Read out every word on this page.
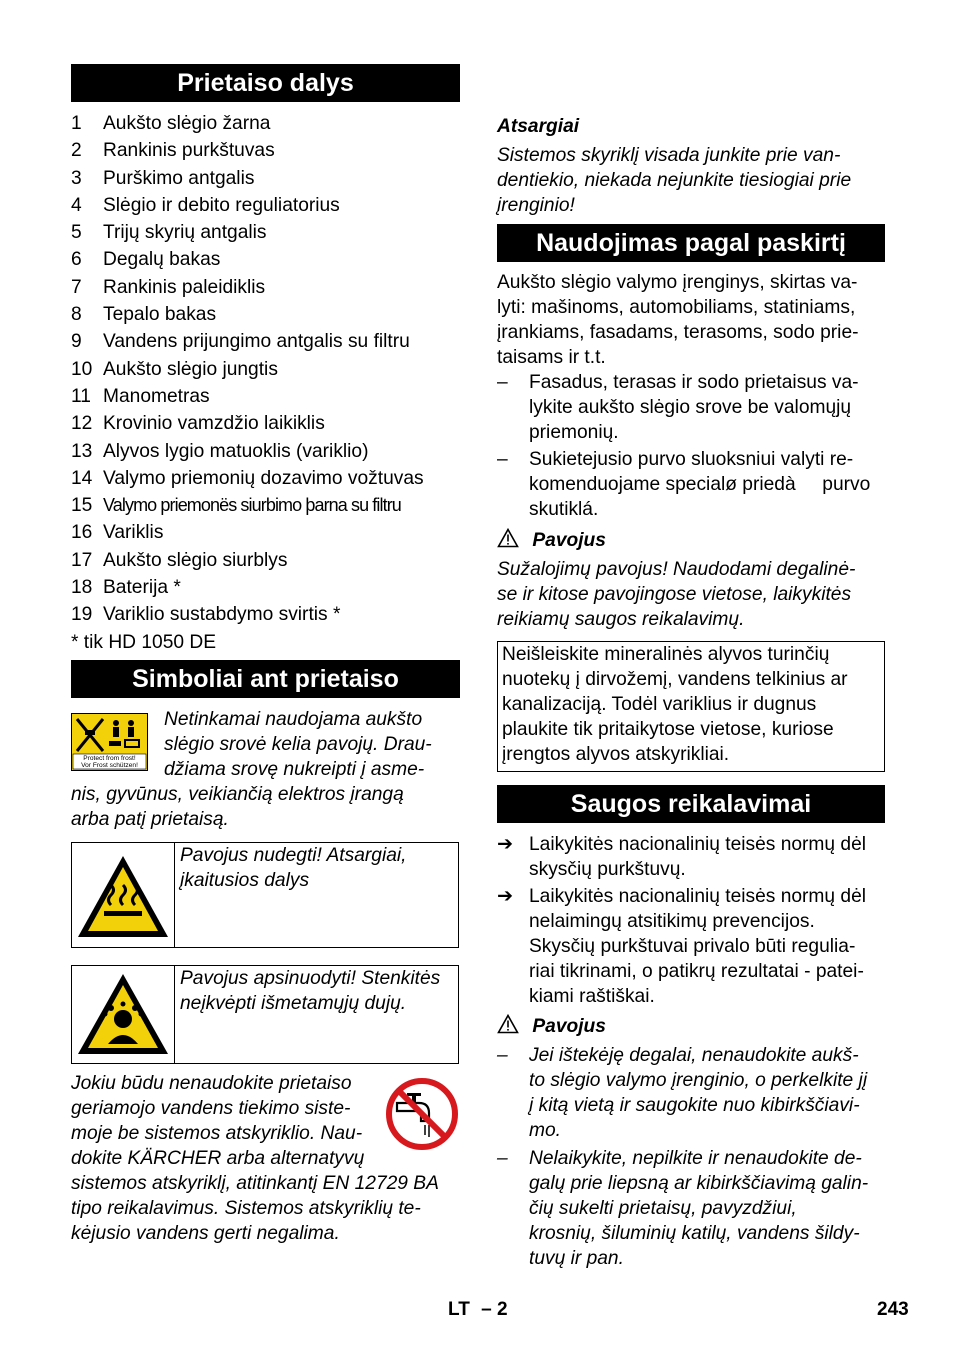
Prietaiso dalys
1 Aukšto slėgio žarna
2 Rankinis purkštuvas
3 Purškimo antgalis
4 Slėgio ir debito reguliatorius
5 Trijų skyrių antgalis
6 Degalų bakas
7 Rankinis paleidiklis
8 Tepalo bakas
9 Vandens prijungimo antgalis su filtru
10 Aukšto slėgio jungtis
11 Manometras
12 Krovinio vamzdžio laikiklis
13 Alyvos lygio matuoklis (variklio)
14 Valymo priemonių dozavimo vožtuvas
15 Valymo priemonës siurbimo þarna su filtru
16 Variklis
17 Aukšto slėgio siurblys
18 Baterija *
19 Variklio sustabdymo svirtis *
* tik HD 1050 DE
Simboliai ant prietaiso
Protect from frost!
Vor Frost schützen!
Netinkamai naudojama aukšto
slėgio srovė kelia pavojų. Drau-
džiama srovę nukreipti į asme-
nis, gyvūnus, veikiančią elektros įrangą
arba patį prietaisą.
Pavojus nudegti! Atsargiai,
įkaitusios dalys
Pavojus apsinuodyti! Stenkitės
neįkvėpti išmetamųjų dujų.
Jokiu būdu nenaudokite prietaiso
geriamojo vandens tiekimo siste-
moje be sistemos atskyriklio. Nau-
dokite KÄRCHER arba alternatyvų
sistemos atskyriklį, atitinkantį EN 12729 BA
tipo reikalavimus. Sistemos atskyriklių te-
kėjusio vandens gerti negalima.
Atsargiai
Sistemos skyriklį visada junkite prie van-
dentiekio, niekada nejunkite tiesiogiai prie
įrenginio!
Naudojimas pagal paskirtį
Aukšto slėgio valymo įrenginys, skirtas va-
lyti: mašinoms, automobiliams, statiniams,
įrankiams, fasadams, terasoms, sodo prie-
taisams ir t.t.
–	Fasadus, terasas ir sodo prietaisus va-
lykite aukšto slėgio srove be valomųjų
priemonių.
–	Sukietejusio purvo sluoksniui valyti re-
komenduojame specialø priedà     purvo
skutiklá.
Pavojus
Sužalojimų pavojus! Naudodami degalinė-
se ir kitose pavojingose vietose, laikykitės
reikiamų saugos reikalavimų.
Neišleiskite mineralinės alyvos turinčių
nuotekų į dirvožemį, vandens telkinius ar
kanalizaciją. Todėl variklius ir dugnus
plaukite tik pritaikytose vietose, kuriose
įrengtos alyvos atskyrikliai.
Saugos reikalavimai
➔ Laikykitės nacionalinių teisės normų dėl
skysčių purkštuvų.
➔ Laikykitės nacionalinių teisės normų dėl
nelaimingų atsitikimų prevencijos.
Skysčių purkštuvai privalo būti regulia-
riai tikrinami, o patikrų rezultatai - patei-
kiami raštiškai.
Pavojus
–	Jei ištekėję degalai, nenaudokite aukš-
to slėgio valymo įrenginio, o perkelkite jį
į kitą vietą ir saugokite nuo kibirkščiavi-
mo.
–	Nelaikykite, nepilkite ir nenaudokite de-
galų prie liepsną ar kibirkščiavimą galin-
čių sukelti prietaisų, pavyzdžiui,
krosnių, šiluminių katilų, vandens šildy-
tuvų ir pan.
LT – 2	243
